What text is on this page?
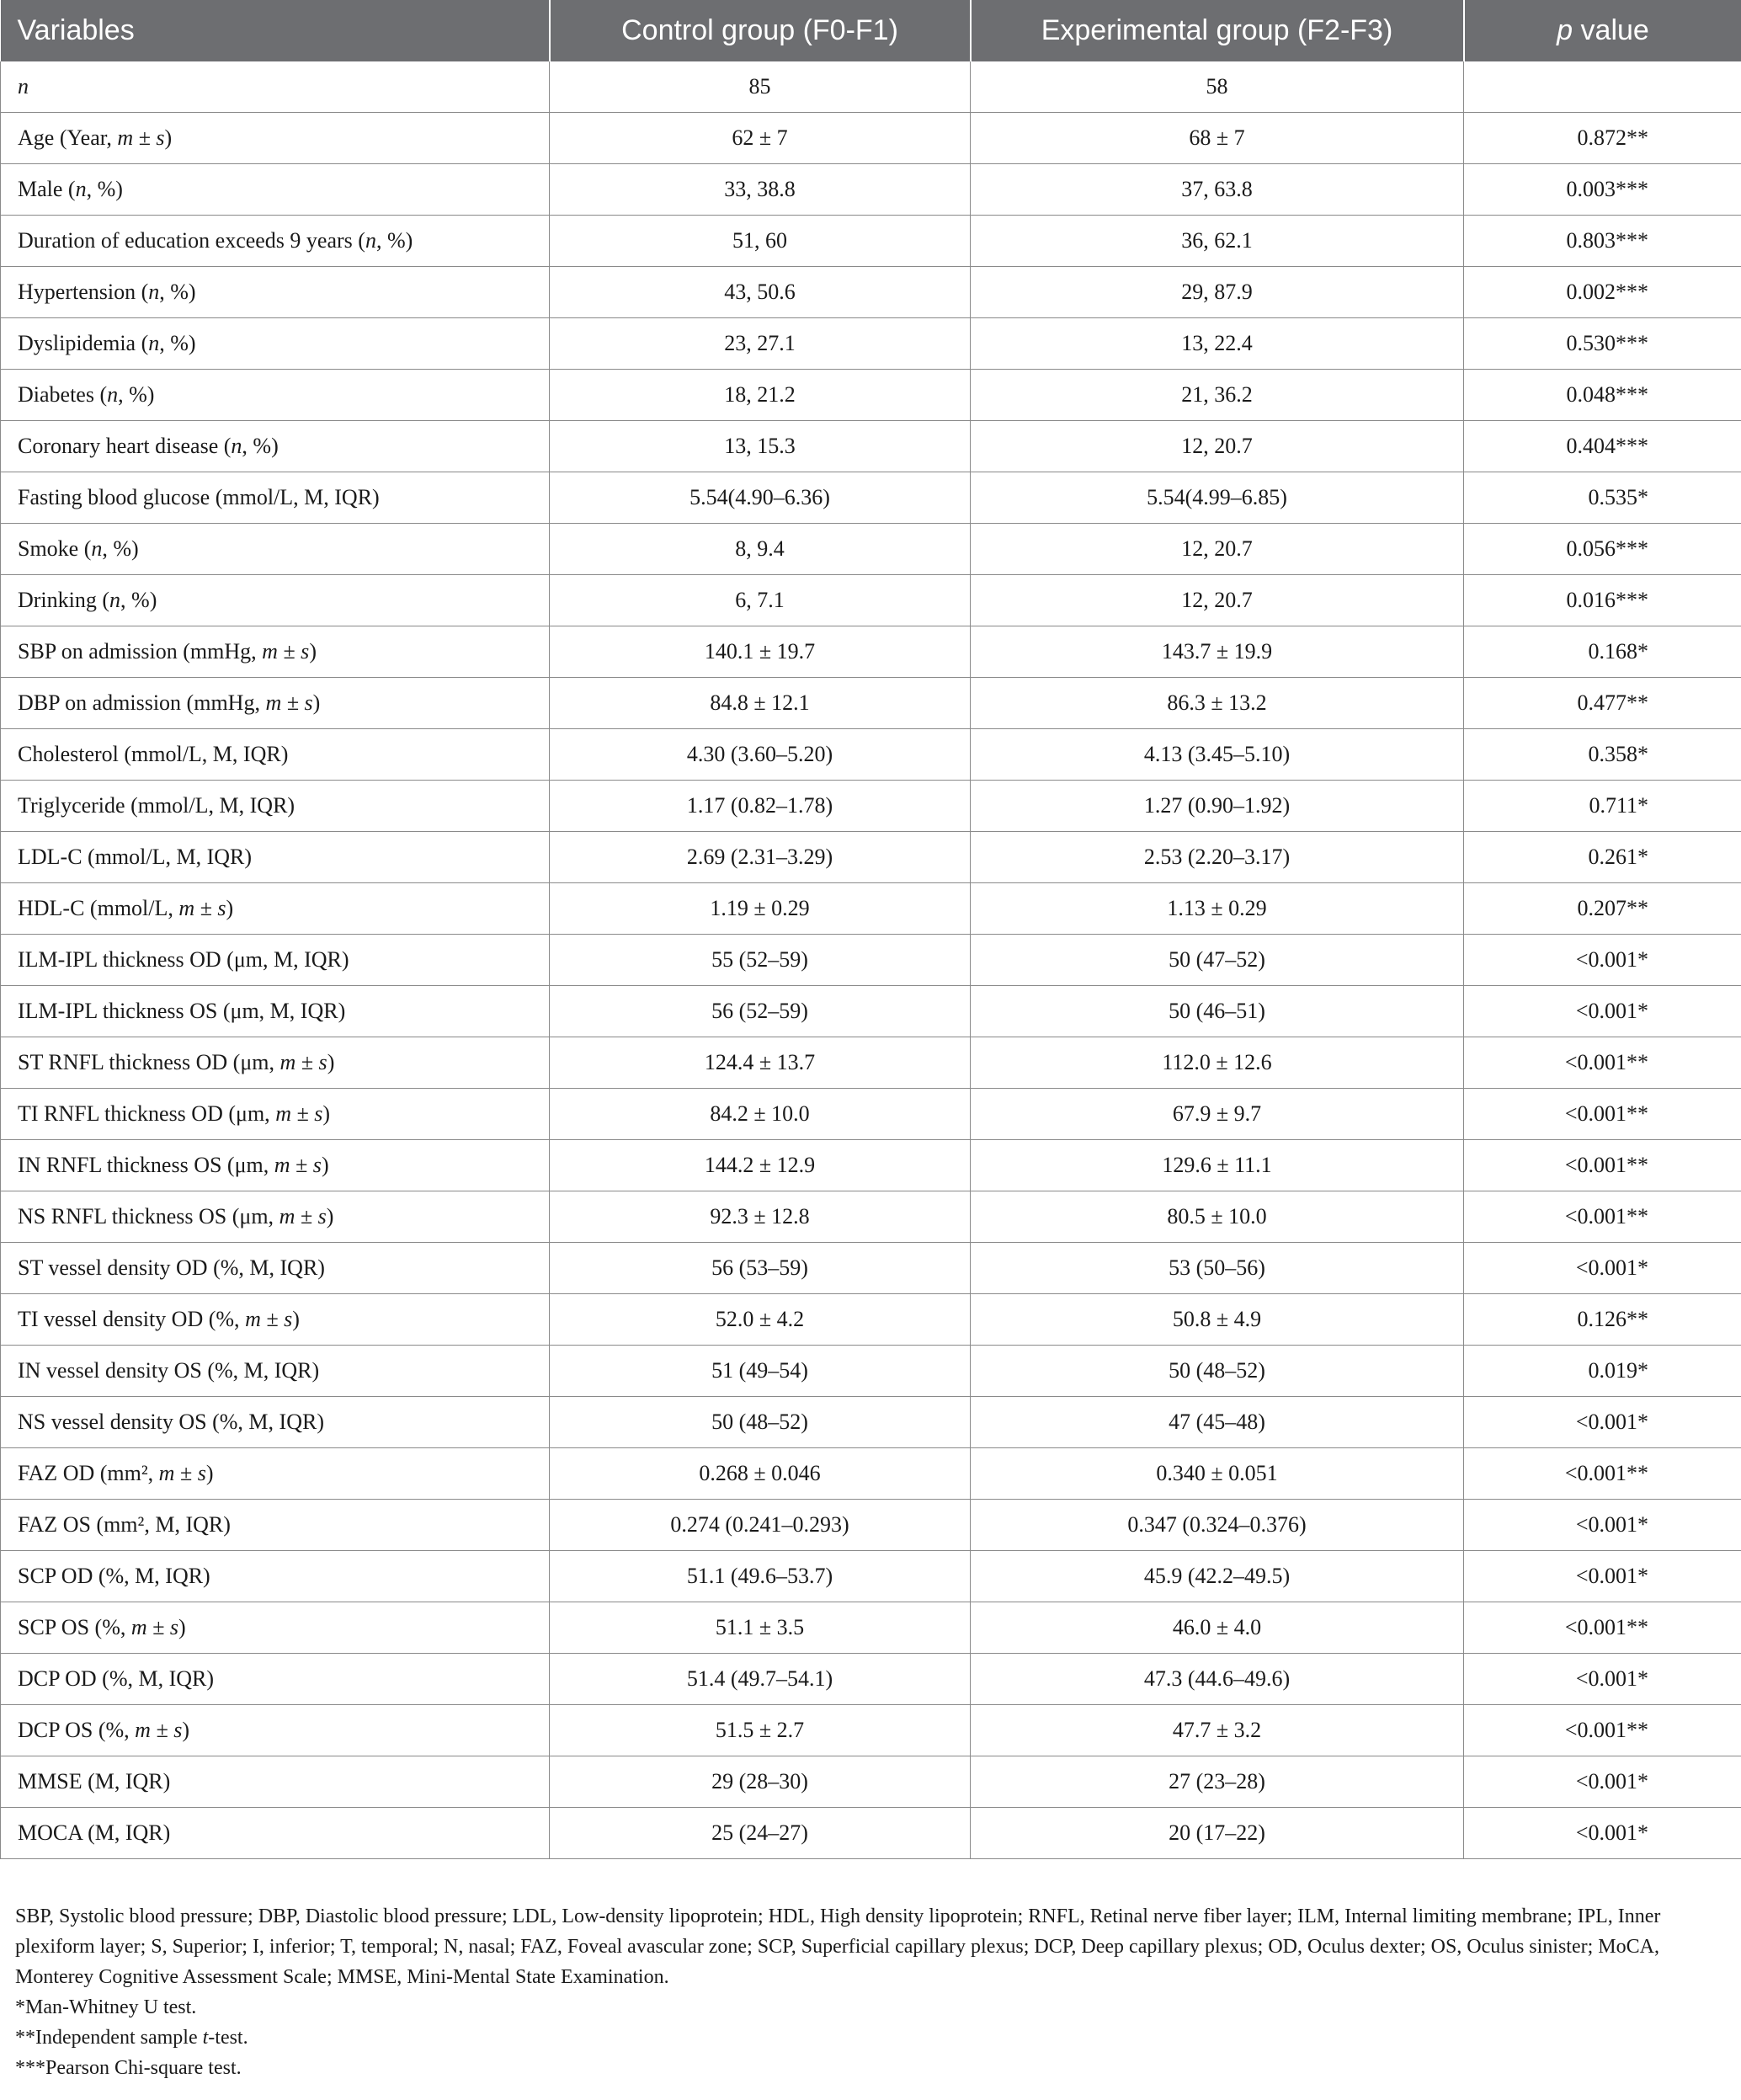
Variables	Control group (F0-F1)	Experimental group (F2-F3)	p value
n	85	58	
Age (Year, m ± s)	62 ± 7	68 ± 7	0.872**
Male (n, %)	33, 38.8	37, 63.8	0.003***
Duration of education exceeds 9 years (n, %)	51, 60	36, 62.1	0.803***
Hypertension (n, %)	43, 50.6	29, 87.9	0.002***
Dyslipidemia (n, %)	23, 27.1	13, 22.4	0.530***
Diabetes (n, %)	18, 21.2	21, 36.2	0.048***
Coronary heart disease (n, %)	13, 15.3	12, 20.7	0.404***
Fasting blood glucose (mmol/L, M, IQR)	5.54(4.90–6.36)	5.54(4.99–6.85)	0.535*
Smoke (n, %)	8, 9.4	12, 20.7	0.056***
Drinking (n, %)	6, 7.1	12, 20.7	0.016***
SBP on admission (mmHg, m ± s)	140.1 ± 19.7	143.7 ± 19.9	0.168*
DBP on admission (mmHg, m ± s)	84.8 ± 12.1	86.3 ± 13.2	0.477**
Cholesterol (mmol/L, M, IQR)	4.30 (3.60–5.20)	4.13 (3.45–5.10)	0.358*
Triglyceride (mmol/L, M, IQR)	1.17 (0.82–1.78)	1.27 (0.90–1.92)	0.711*
LDL-C (mmol/L, M, IQR)	2.69 (2.31–3.29)	2.53 (2.20–3.17)	0.261*
HDL-C (mmol/L, m ± s)	1.19 ± 0.29	1.13 ± 0.29	0.207**
ILM-IPL thickness OD (μm, M, IQR)	55 (52–59)	50 (47–52)	<0.001*
ILM-IPL thickness OS (μm, M, IQR)	56 (52–59)	50 (46–51)	<0.001*
ST RNFL thickness OD (μm, m ± s)	124.4 ± 13.7	112.0 ± 12.6	<0.001**
TI RNFL thickness OD (μm, m ± s)	84.2 ± 10.0	67.9 ± 9.7	<0.001**
IN RNFL thickness OS (μm, m ± s)	144.2 ± 12.9	129.6 ± 11.1	<0.001**
NS RNFL thickness OS (μm, m ± s)	92.3 ± 12.8	80.5 ± 10.0	<0.001**
ST vessel density OD (%, M, IQR)	56 (53–59)	53 (50–56)	<0.001*
TI vessel density OD (%, m ± s)	52.0 ± 4.2	50.8 ± 4.9	0.126**
IN vessel density OS (%, M, IQR)	51 (49–54)	50 (48–52)	0.019*
NS vessel density OS (%, M, IQR)	50 (48–52)	47 (45–48)	<0.001*
FAZ OD (mm², m ± s)	0.268 ± 0.046	0.340 ± 0.051	<0.001**
FAZ OS (mm², M, IQR)	0.274 (0.241–0.293)	0.347 (0.324–0.376)	<0.001*
SCP OD (%, M, IQR)	51.1 (49.6–53.7)	45.9 (42.2–49.5)	<0.001*
SCP OS (%, m ± s)	51.1 ± 3.5	46.0 ± 4.0	<0.001**
DCP OD (%, M, IQR)	51.4 (49.7–54.1)	47.3 (44.6–49.6)	<0.001*
DCP OS (%, m ± s)	51.5 ± 2.7	47.7 ± 3.2	<0.001**
MMSE (M, IQR)	29 (28–30)	27 (23–28)	<0.001*
MOCA (M, IQR)	25 (24–27)	20 (17–22)	<0.001*

SBP, Systolic blood pressure; DBP, Diastolic blood pressure; LDL, Low-density lipoprotein; HDL, High density lipoprotein; RNFL, Retinal nerve fiber layer; ILM, Internal limiting membrane; IPL, Inner plexiform layer; S, Superior; I, inferior; T, temporal; N, nasal; FAZ, Foveal avascular zone; SCP, Superficial capillary plexus; DCP, Deep capillary plexus; OD, Oculus dexter; OS, Oculus sinister; MoCA, Monterey Cognitive Assessment Scale; MMSE, Mini-Mental State Examination.

*Man-Whitney U test.

**Independent sample t-test.

***Pearson Chi-square test.
